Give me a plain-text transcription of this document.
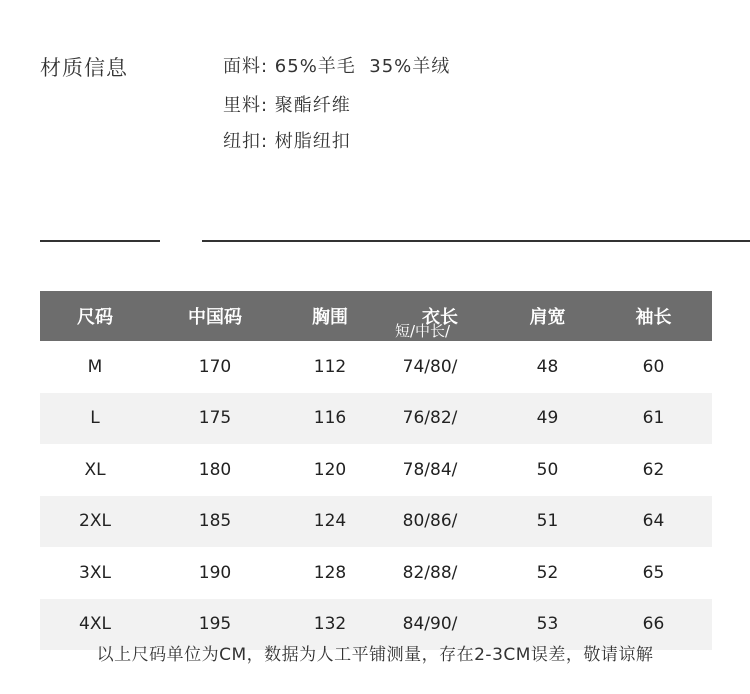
材质信息	面料: 65%羊毛  35%羊绒
里料: 聚酯纤维
纽扣: 树脂纽扣
尺码	中国码	胸围	衣长	肩宽	袖长
短/中长/
M	170	112	74/80/	48	60
L	175	116	76/82/	49	61
XL	180	120	78/84/	50	62
2XL	185	124	80/86/	51	64
3XL	190	128	82/88/	52	65
4XL	195	132	84/90/	53	66
以上尺码单位为CM，数据为人工平铺测量，存在2-3CM误差，敬请谅解
